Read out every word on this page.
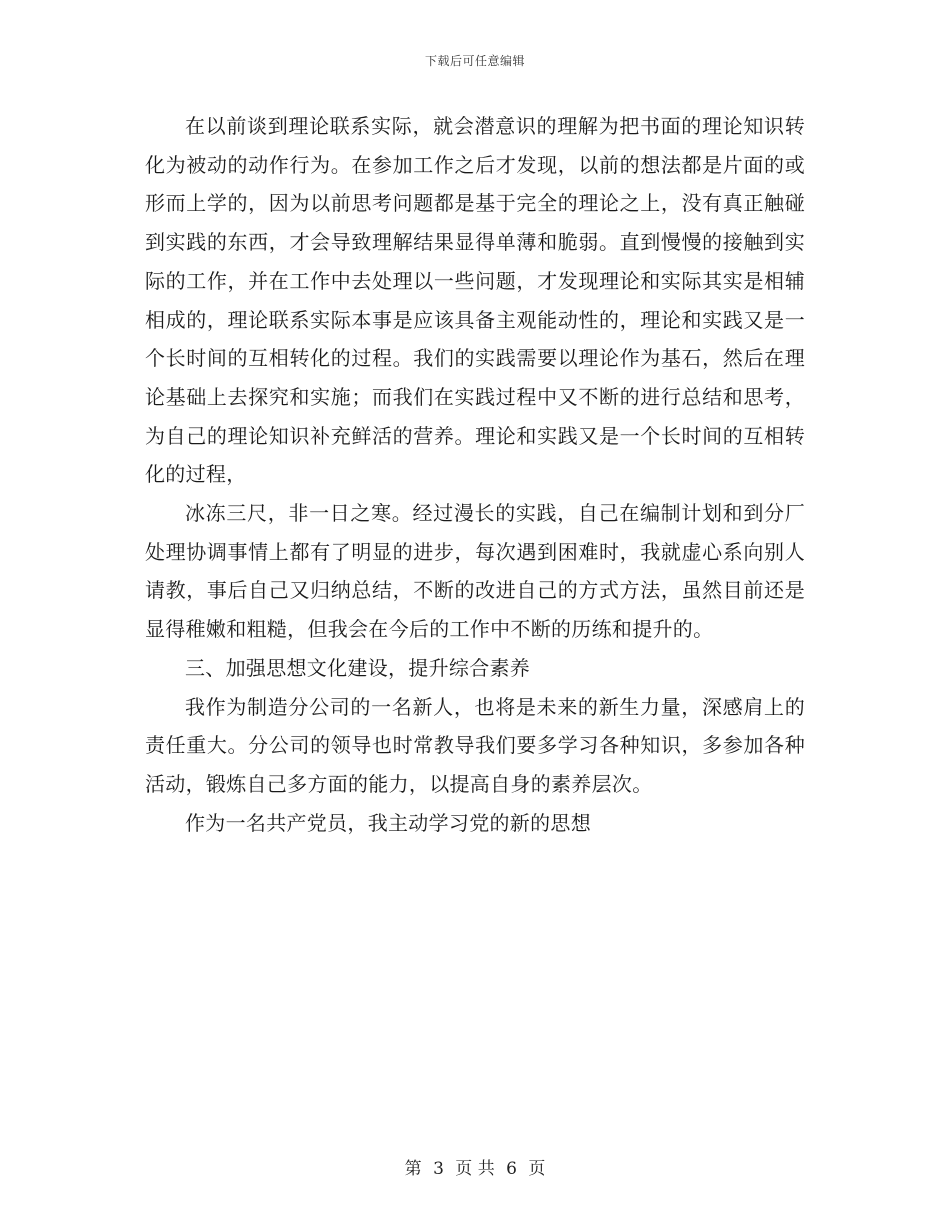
下载后可任意编辑

在以前谈到理论联系实际，就会潜意识的理解为把书面的理论知识转化为被动的动作行为。在参加工作之后才发现，以前的想法都是片面的或形而上学的，因为以前思考问题都是基于完全的理论之上，没有真正触碰到实践的东西，才会导致理解结果显得单薄和脆弱。直到慢慢的接触到实际的工作，并在工作中去处理以一些问题，才发现理论和实际其实是相辅相成的，理论联系实际本事是应该具备主观能动性的，理论和实践又是一个长时间的互相转化的过程。我们的实践需要以理论作为基石，然后在理论基础上去探究和实施；而我们在实践过程中又不断的进行总结和思考，为自己的理论知识补充鲜活的营养。理论和实践又是一个长时间的互相转化的过程，

冰冻三尺，非一日之寒。经过漫长的实践，自己在编制计划和到分厂处理协调事情上都有了明显的进步，每次遇到困难时，我就虚心系向别人请教，事后自己又归纳总结，不断的改进自己的方式方法，虽然目前还是显得稚嫩和粗糙，但我会在今后的工作中不断的历练和提升的。

三、加强思想文化建设，提升综合素养

我作为制造分公司的一名新人，也将是未来的新生力量，深感肩上的责任重大。分公司的领导也时常教导我们要多学习各种知识，多参加各种活动，锻炼自己多方面的能力，以提高自身的素养层次。

作为一名共产党员，我主动学习党的新的思想

第 3 页 共 6 页
